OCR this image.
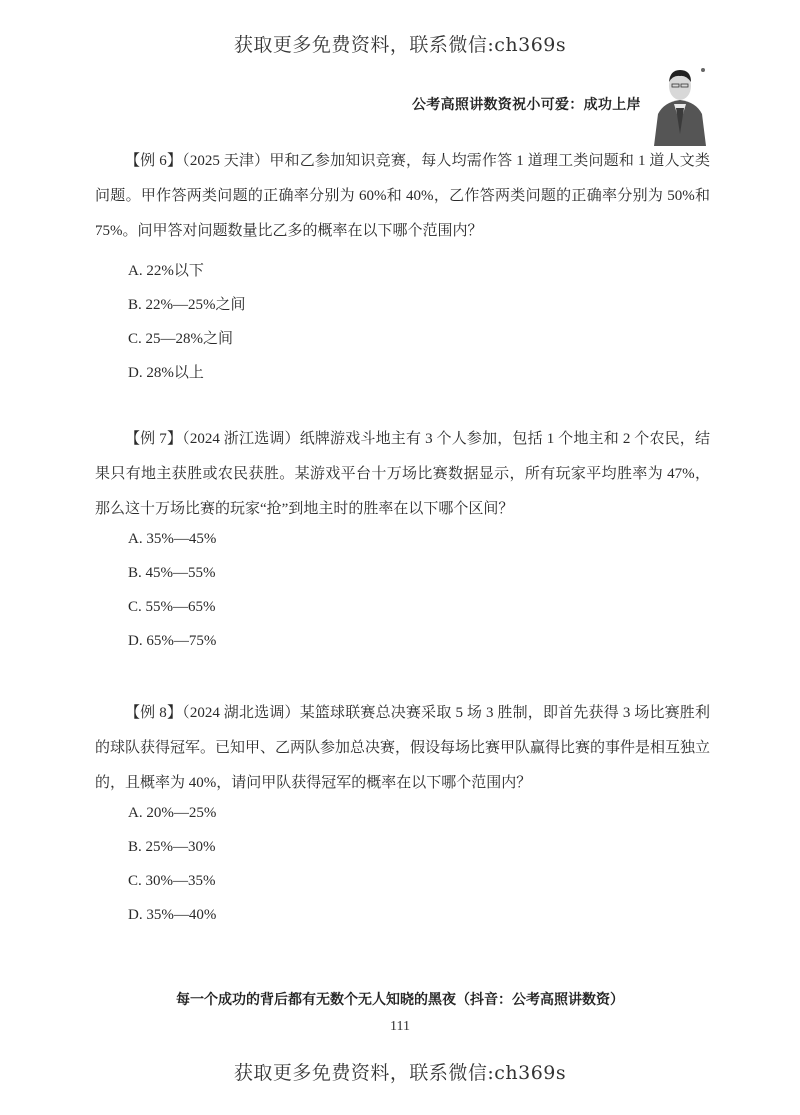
获取更多免费资料，联系微信:ch369s
公考高照讲数资祝小可爱：成功上岸

【例 6】（2025 天津）甲和乙参加知识竞赛，每人均需作答 1 道理工类问题和 1 道人文类问题。甲作答两类问题的正确率分别为 60%和 40%，乙作答两类问题的正确率分别为 50%和 75%。问甲答对问题数量比乙多的概率在以下哪个范围内？

A. 22%以下
B. 22%—25%之间
C. 25—28%之间
D. 28%以上

【例 7】（2024 浙江选调）纸牌游戏斗地主有 3 个人参加，包括 1 个地主和 2 个农民，结果只有地主获胜或农民获胜。某游戏平台十万场比赛数据显示，所有玩家平均胜率为 47%，那么这十万场比赛的玩家“抢”到地主时的胜率在以下哪个区间？

A. 35%—45%
B. 45%—55%
C. 55%—65%
D. 65%—75%

【例 8】（2024 湖北选调）某篮球联赛总决赛采取 5 场 3 胜制，即首先获得 3 场比赛胜利的球队获得冠军。已知甲、乙两队参加总决赛，假设每场比赛甲队赢得比赛的事件是相互独立的，且概率为 40%，请问甲队获得冠军的概率在以下哪个范围内？

A. 20%—25%
B. 25%—30%
C. 30%—35%
D. 35%—40%
每一个成功的背后都有无数个无人知晓的黑夜（抖音：公考高照讲数资）
111
获取更多免费资料，联系微信:ch369s
